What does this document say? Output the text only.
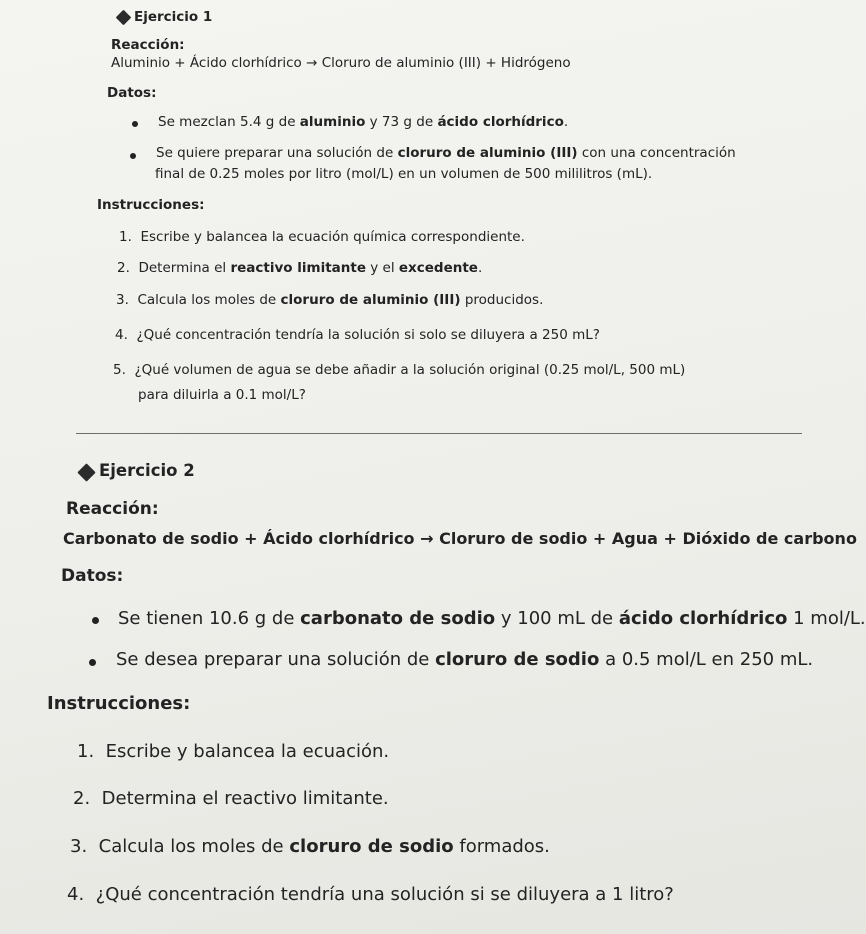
Ejercicio 1
Reacción:
Aluminio + Ácido clorhídrico → Cloruro de aluminio (III) + Hidrógeno
Datos:
Se mezclan 5.4 g de aluminio y 73 g de ácido clorhídrico.
Se quiere preparar una solución de cloruro de aluminio (III) con una concentración
final de 0.25 moles por litro (mol/L) en un volumen de 500 mililitros (mL).
Instrucciones:
1. Escribe y balancea la ecuación química correspondiente.
2. Determina el reactivo limitante y el excedente.
3. Calcula los moles de cloruro de aluminio (III) producidos.
4. ¿Qué concentración tendría la solución si solo se diluyera a 250 mL?
5. ¿Qué volumen de agua se debe añadir a la solución original (0.25 mol/L, 500 mL)
para diluirla a 0.1 mol/L?
Ejercicio 2
Reacción:
Carbonato de sodio + Ácido clorhídrico → Cloruro de sodio + Agua + Dióxido de carbono
Datos:
Se tienen 10.6 g de carbonato de sodio y 100 mL de ácido clorhídrico 1 mol/L.
Se desea preparar una solución de cloruro de sodio a 0.5 mol/L en 250 mL.
Instrucciones:
1. Escribe y balancea la ecuación.
2. Determina el reactivo limitante.
3. Calcula los moles de cloruro de sodio formados.
4. ¿Qué concentración tendría una solución si se diluyera a 1 litro?
